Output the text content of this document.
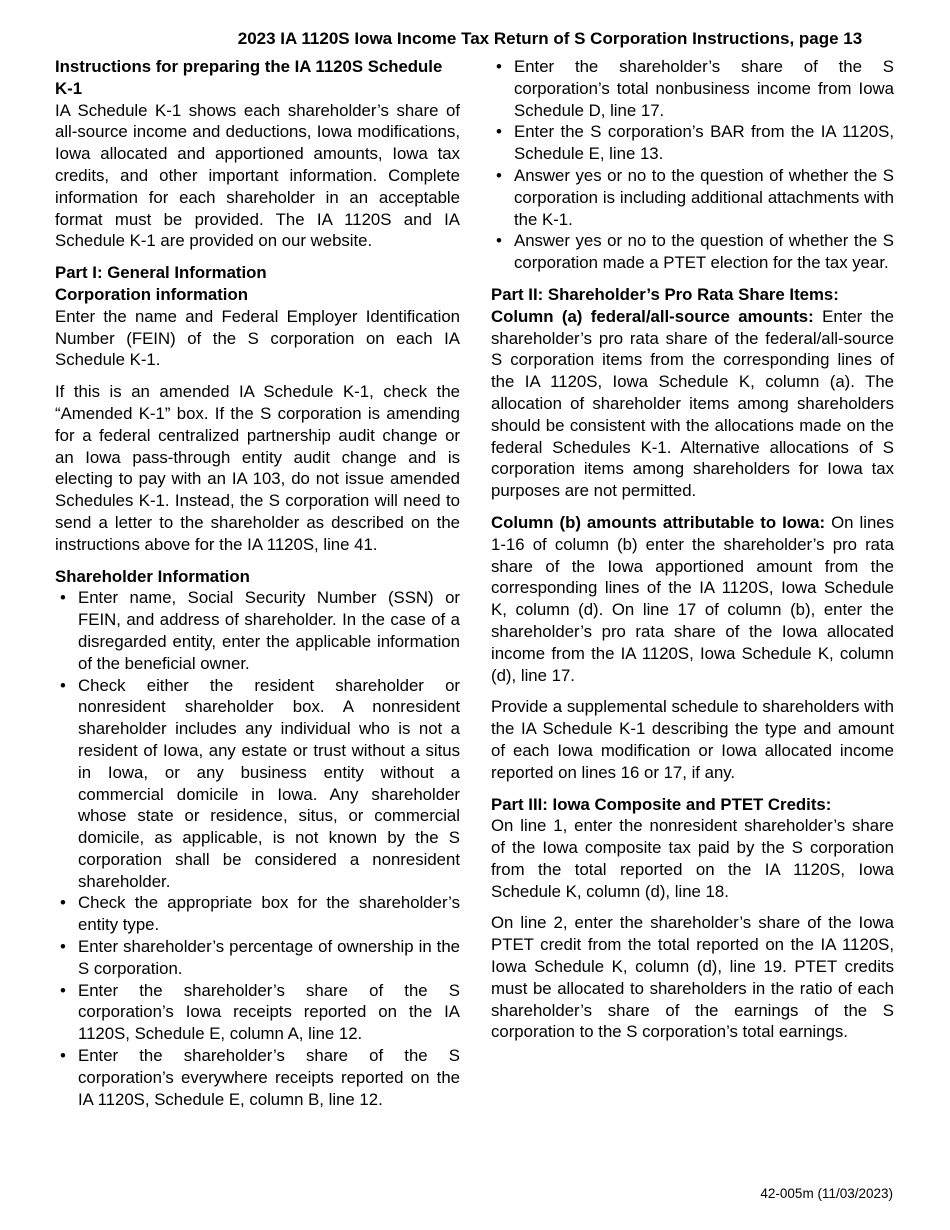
2023 IA 1120S Iowa Income Tax Return of S Corporation Instructions, page 13
Instructions for preparing the IA 1120S Schedule K-1

IA Schedule K-1 shows each shareholder’s share of all-source income and deductions, Iowa modifications, Iowa allocated and apportioned amounts, Iowa tax credits, and other important information. Complete information for each shareholder in an acceptable format must be provided. The IA 1120S and IA Schedule K-1 are provided on our website.

Part I: General Information
Corporation information

Enter the name and Federal Employer Identification Number (FEIN) of the S corporation on each IA Schedule K-1.

If this is an amended IA Schedule K-1, check the “Amended K-1” box. If the S corporation is amending for a federal centralized partnership audit change or an Iowa pass-through entity audit change and is electing to pay with an IA 103, do not issue amended Schedules K-1. Instead, the S corporation will need to send a letter to the shareholder as described on the instructions above for the IA 1120S, line 41.

Shareholder Information
• Enter name, Social Security Number (SSN) or FEIN, and address of shareholder. In the case of a disregarded entity, enter the applicable information of the beneficial owner.
• Check either the resident shareholder or nonresident shareholder box. A nonresident shareholder includes any individual who is not a resident of Iowa, any estate or trust without a situs in Iowa, or any business entity without a commercial domicile in Iowa. Any shareholder whose state or residence, situs, or commercial domicile, as applicable, is not known by the S corporation shall be considered a nonresident shareholder.
• Check the appropriate box for the shareholder’s entity type.
• Enter shareholder’s percentage of ownership in the S corporation.
• Enter the shareholder’s share of the S corporation’s Iowa receipts reported on the IA 1120S, Schedule E, column A, line 12.
• Enter the shareholder’s share of the S corporation’s everywhere receipts reported on the IA 1120S, Schedule E, column B, line 12.
• Enter the shareholder’s share of the S corporation’s total nonbusiness income from Iowa Schedule D, line 17.
• Enter the S corporation’s BAR from the IA 1120S, Schedule E, line 13.
• Answer yes or no to the question of whether the S corporation is including additional attachments with the K-1.
• Answer yes or no to the question of whether the S corporation made a PTET election for the tax year.
Part II: Shareholder’s Pro Rata Share Items:

Column (a) federal/all-source amounts: Enter the shareholder’s pro rata share of the federal/all-source S corporation items from the corresponding lines of the IA 1120S, Iowa Schedule K, column (a). The allocation of shareholder items among shareholders should be consistent with the allocations made on the federal Schedules K-1. Alternative allocations of S corporation items among shareholders for Iowa tax purposes are not permitted.

Column (b) amounts attributable to Iowa: On lines 1-16 of column (b) enter the shareholder’s pro rata share of the Iowa apportioned amount from the corresponding lines of the IA 1120S, Iowa Schedule K, column (d). On line 17 of column (b), enter the shareholder’s pro rata share of the Iowa allocated income from the IA 1120S, Iowa Schedule K, column (d), line 17.

Provide a supplemental schedule to shareholders with the IA Schedule K-1 describing the type and amount of each Iowa modification or Iowa allocated income reported on lines 16 or 17, if any.

Part III: Iowa Composite and PTET Credits:

On line 1, enter the nonresident shareholder’s share of the Iowa composite tax paid by the S corporation from the total reported on the IA 1120S, Iowa Schedule K, column (d), line 18.

On line 2, enter the shareholder’s share of the Iowa PTET credit from the total reported on the IA 1120S, Iowa Schedule K, column (d), line 19. PTET credits must be allocated to shareholders in the ratio of each shareholder’s share of the earnings of the S corporation to the S corporation’s total earnings.

42-005m (11/03/2023)
